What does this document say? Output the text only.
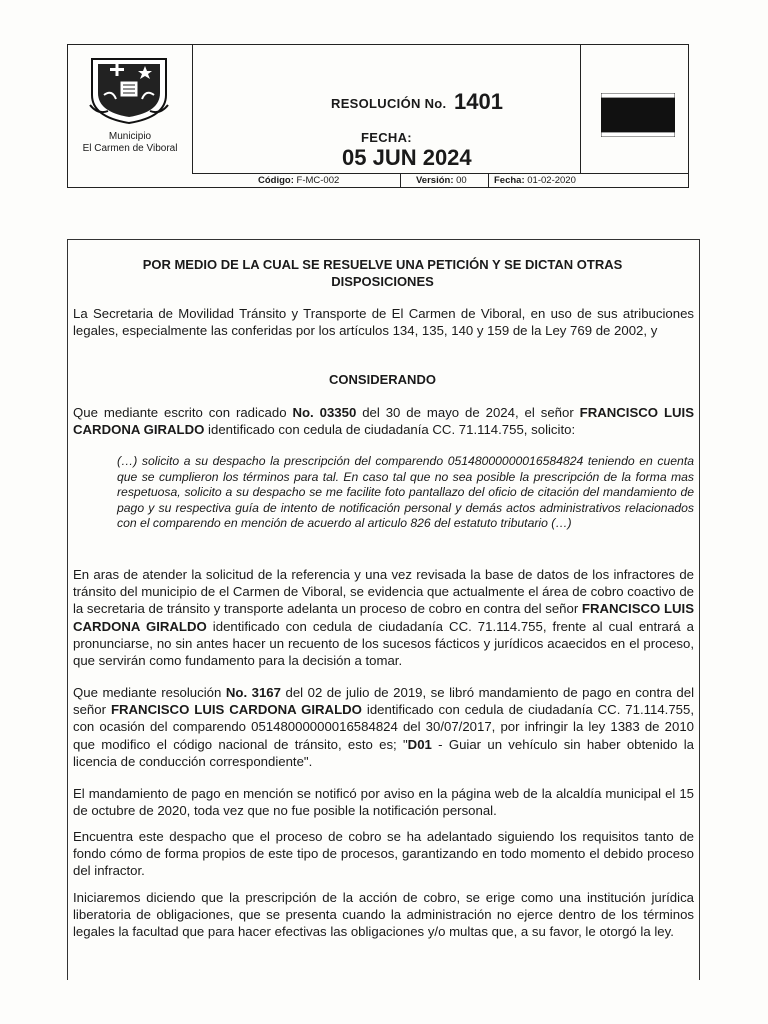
Municipio
El Carmen de Viboral
RESOLUCIÓN No. 1401
FECHA:
05 JUN 2024
Código: F-MC-002	Versión: 00	Fecha: 01-02-2020
POR MEDIO DE LA CUAL SE RESUELVE UNA PETICIÓN Y SE DICTAN OTRAS
DISPOSICIONES
La Secretaria de Movilidad Tránsito y Transporte de El Carmen de Viboral, en uso de sus atribuciones legales, especialmente las conferidas por los artículos 134, 135, 140 y 159 de la Ley 769 de 2002, y
CONSIDERANDO
Que mediante escrito con radicado No. 03350 del 30 de mayo de 2024, el señor FRANCISCO LUIS CARDONA GIRALDO identificado con cedula de ciudadanía CC. 71.114.755, solicito:
(…) solicito a su despacho la prescripción del comparendo 05148000000016584824 teniendo en cuenta que se cumplieron los términos para tal. En caso tal que no sea posible la prescripción de la forma mas respetuosa, solicito a su despacho se me facilite foto pantallazo del oficio de citación del mandamiento de pago y su respectiva guía de intento de notificación personal y demás actos administrativos relacionados con el comparendo en mención de acuerdo al articulo 826 del estatuto tributario (…)
En aras de atender la solicitud de la referencia y una vez revisada la base de datos de los infractores de tránsito del municipio de el Carmen de Viboral, se evidencia que actualmente el área de cobro coactivo de la secretaria de tránsito y transporte adelanta un proceso de cobro en contra del señor FRANCISCO LUIS CARDONA GIRALDO identificado con cedula de ciudadanía CC. 71.114.755, frente al cual entrará a pronunciarse, no sin antes hacer un recuento de los sucesos fácticos y jurídicos acaecidos en el proceso, que servirán como fundamento para la decisión a tomar.
Que mediante resolución No. 3167 del 02 de julio de 2019, se libró mandamiento de pago en contra del señor FRANCISCO LUIS CARDONA GIRALDO identificado con cedula de ciudadanía CC. 71.114.755, con ocasión del comparendo 05148000000016584824 del 30/07/2017, por infringir la ley 1383 de 2010 que modifico el código nacional de tránsito, esto es; "D01 - Guiar un vehículo sin haber obtenido la licencia de conducción correspondiente".
El mandamiento de pago en mención se notificó por aviso en la página web de la alcaldía municipal el 15 de octubre de 2020, toda vez que no fue posible la notificación personal.
Encuentra este despacho que el proceso de cobro se ha adelantado siguiendo los requisitos tanto de fondo cómo de forma propios de este tipo de procesos, garantizando en todo momento el debido proceso del infractor.
Iniciaremos diciendo que la prescripción de la acción de cobro, se erige como una institución jurídica liberatoria de obligaciones, que se presenta cuando la administración no ejerce dentro de los términos legales la facultad que para hacer efectivas las obligaciones y/o multas que, a su favor, le otorgó la ley.
